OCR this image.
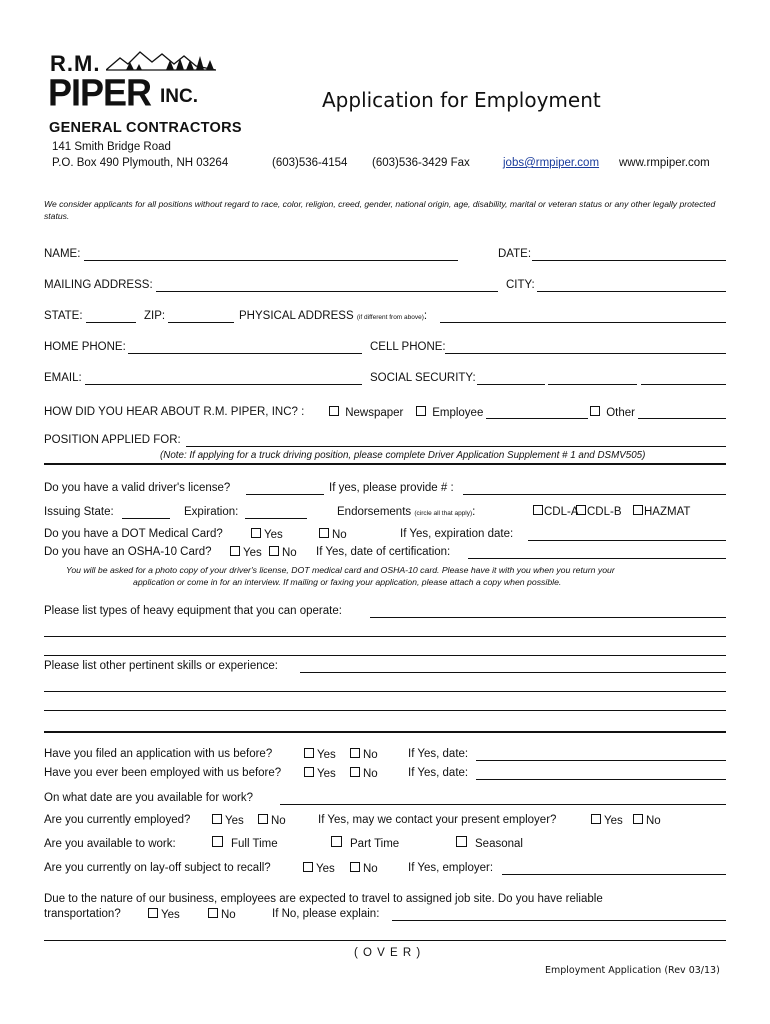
R.M.
PIPER INC.
GENERAL CONTRACTORS
Application for Employment
141 Smith Bridge Road
P.O. Box 490 Plymouth, NH 03264	(603)536-4154 (603)536-3429 Fax	jobs@rmpiper.com www.rmpiper.com
We consider applicants for all positions without regard to race, color, religion, creed, gender, national origin, age, disability, marital or veteran status or any other legally protected status.
NAME:	DATE:
MAILING ADDRESS:	CITY:
STATE:	ZIP:	PHYSICAL ADDRESS (if different from above):
HOME PHONE:	CELL PHONE:
EMAIL:	SOCIAL SECURITY:
HOW DID YOU HEAR ABOUT R.M. PIPER, INC? :	Newspaper	Employee	Other
POSITION APPLIED FOR:
(Note: If applying for a truck driving position, please complete Driver Application Supplement # 1 and DSMV505)
Do you have a valid driver's license?	If yes, please provide # :
Issuing State:	Expiration:	Endorsements (circle all that apply):	CDL-A CDL-B	HAZMAT
Do you have a DOT Medical Card?	Yes	No	If Yes, expiration date:
Do you have an OSHA-10 Card?	Yes	No If Yes, date of certification:
You will be asked for a photo copy of your driver's license, DOT medical card and OSHA-10 card. Please have it with you when you return your
application or come in for an interview. If mailing or faxing your application, please attach a copy when possible.
Please list types of heavy equipment that you can operate:
Please list other pertinent skills or experience:
Have you filed an application with us before?	Yes	No	If Yes, date:
Have you ever been employed with us before?	Yes	No	If Yes, date:
On what date are you available for work?
Are you currently employed?	Yes	No	If Yes, may we contact your present employer?	Yes	No
Are you available to work:	Full Time	Part Time	Seasonal
Are you currently on lay-off subject to recall?	Yes	No	If Yes, employer:
Due to the nature of our business, employees are expected to travel to assigned job site. Do you have reliable
transportation?	Yes	No	If No, please explain:
( O V E R )
Employment Application (Rev 03/13)
